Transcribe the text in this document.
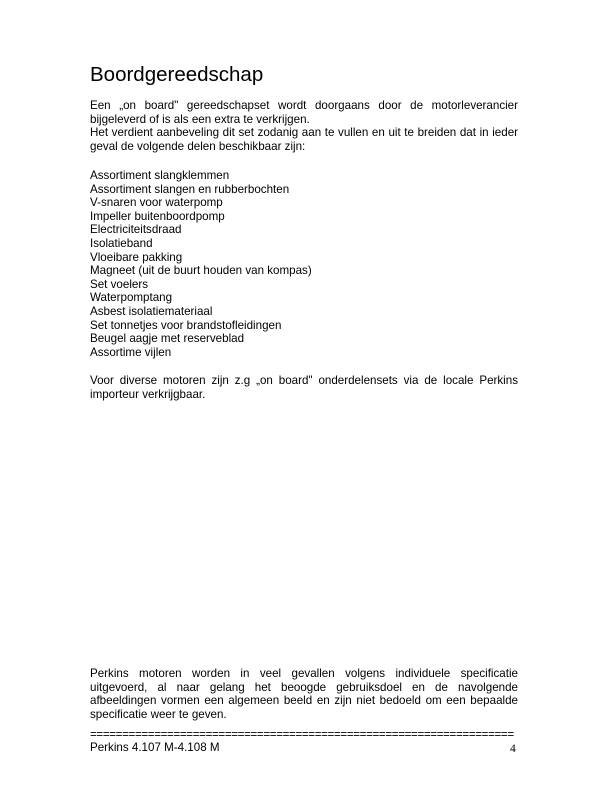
Boordgereedschap

Een „on board" gereedschapset wordt doorgaans door de motorleverancier bijgeleverd of is als een extra te verkrijgen.

Het verdient aanbeveling dit set zodanig aan te vullen en uit te breiden dat in ieder geval de volgende delen beschikbaar zijn:

Assortiment slangklemmen
Assortiment slangen en rubberbochten
V-snaren voor waterpomp
Impeller buitenboordpomp
Electriciteitsdraad
Isolatieband
Vloeibare pakking
Magneet (uit de buurt houden van kompas)
Set voelers
Waterpomptang
Asbest isolatiemateriaal
Set tonnetjes voor brandstofleidingen
Beugel aagje met reserveblad
Assortime vijlen

Voor diverse motoren zijn z.g „on board" onderdelensets via de locale Perkins importeur verkrijgbaar.

Perkins motoren worden in veel gevallen volgens individuele specificatie uitgevoerd, al naar gelang het beoogde gebruiksdoel en de navolgende afbeeldingen vormen een algemeen beeld en zijn niet bedoeld om een bepaalde specificatie weer te geven.

==================================================================
Perkins 4.107 M-4.108 M	4
